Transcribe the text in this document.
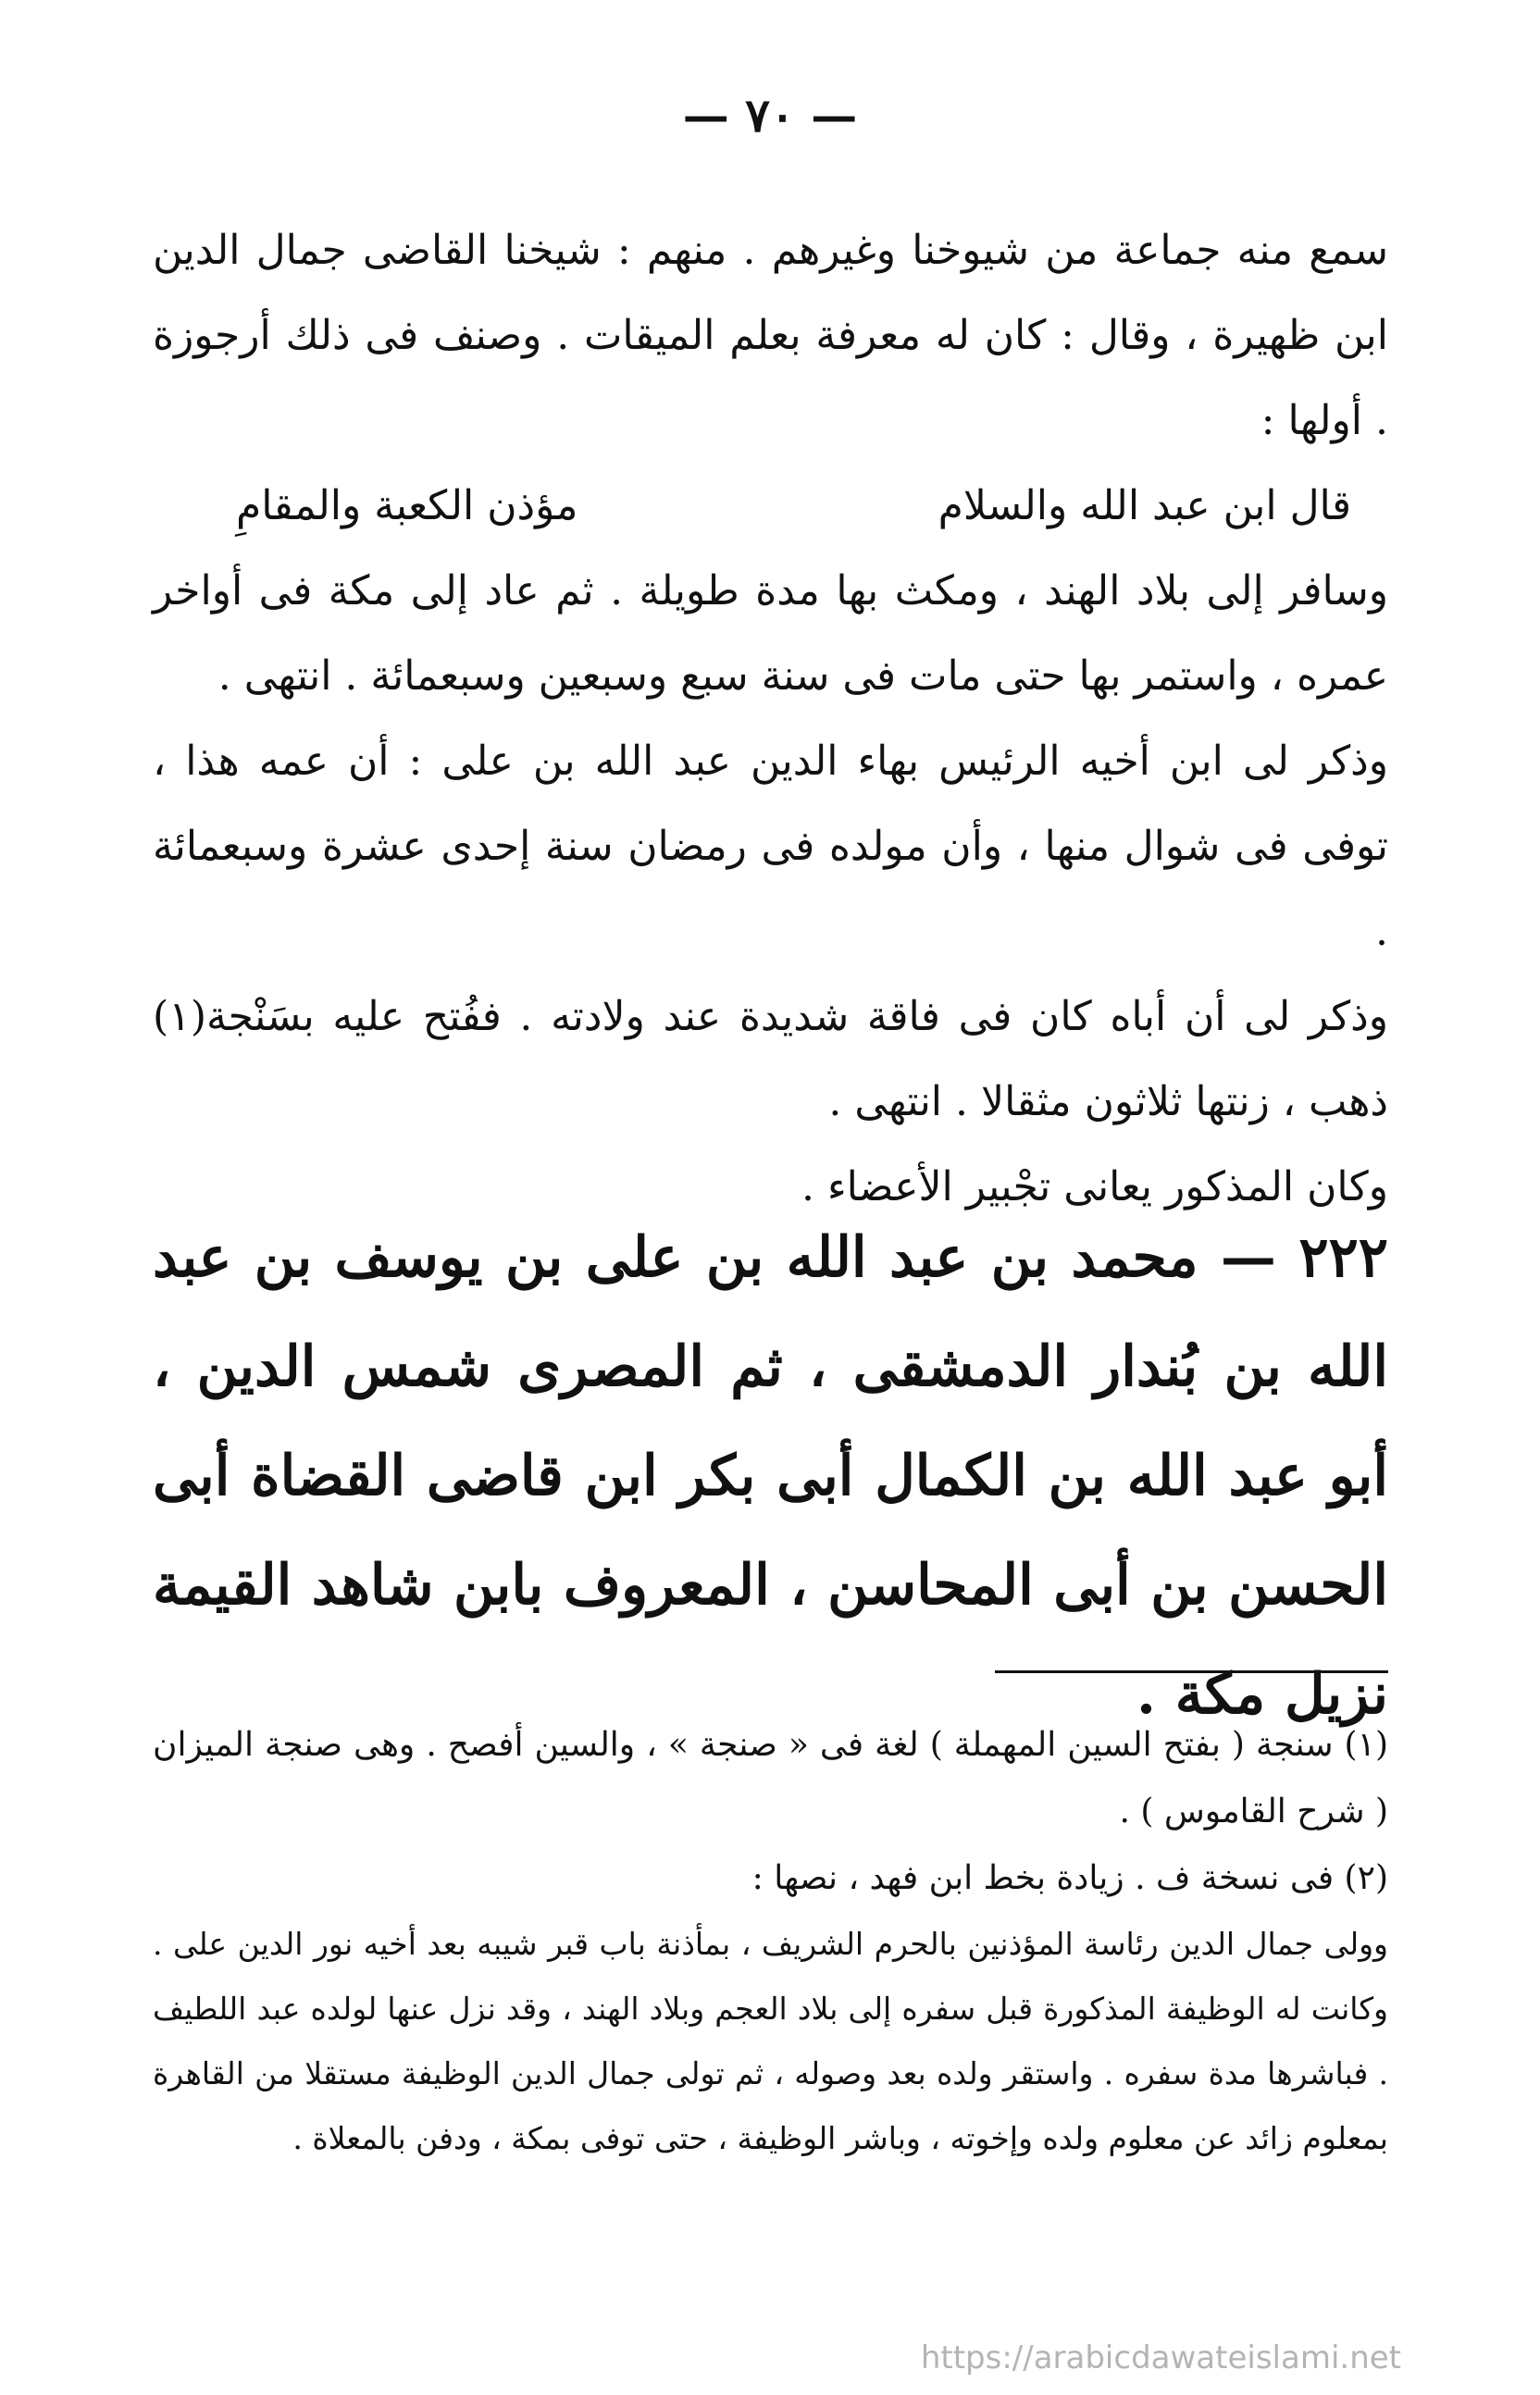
— ٧٠ —

سمع منه جماعة من شيوخنا وغيرهم . منهم : شيخنا القاضى جمال الدين ابن ظهيرة ، وقال : كان له معرفة بعلم الميقات . وصنف فى ذلك أرجوزة . أولها :

قال ابن عبد الله والسلام
مؤذن الكعبة والمقامِ

وسافر إلى بلاد الهند ، ومكث بها مدة طويلة . ثم عاد إلى مكة فى أواخر عمره ، واستمر بها حتى مات فى سنة سبع وسبعين وسبعمائة . انتهى .

وذكر لى ابن أخيه الرئيس بهاء الدين عبد الله بن على : أن عمه هذا ، توفى فى شوال منها ، وأن مولده فى رمضان سنة إحدى عشرة وسبعمائة .

وذكر لى أن أباه كان فى فاقة شديدة عند ولادته . ففُتح عليه بسَنْجة(١) ذهب ، زنتها ثلاثون مثقالا . انتهى .

وكان المذكور يعانى تجْبير الأعضاء .

٢٢٢ — محمد بن عبد الله بن على بن يوسف بن عبد الله بن بُندار الدمشقى ، ثم المصرى شمس الدين ، أبو عبد الله بن الكمال أبى بكر ابن قاضى القضاة أبى الحسن بن أبى المحاسن ، المعروف بابن شاهد القيمة نزيل مكة .

(١) سنجة ( بفتح السين المهملة ) لغة فى « صنجة » ، والسين أفصح . وهى صنجة الميزان ( شرح القاموس ) .

(٢) فى نسخة ف . زيادة بخط ابن فهد ، نصها :

وولى جمال الدين رئاسة المؤذنين بالحرم الشريف ، بمأذنة باب قبر شيبه بعد أخيه نور الدين على . وكانت له الوظيفة المذكورة قبل سفره إلى بلاد العجم وبلاد الهند ، وقد نزل عنها لولده عبد اللطيف . فباشرها مدة سفره . واستقر ولده بعد وصوله ، ثم تولى جمال الدين الوظيفة مستقلا من القاهرة بمعلوم زائد عن معلوم ولده وإخوته ، وباشر الوظيفة ، حتى توفى بمكة ، ودفن بالمعلاة .

https://arabicdawateislami.net
